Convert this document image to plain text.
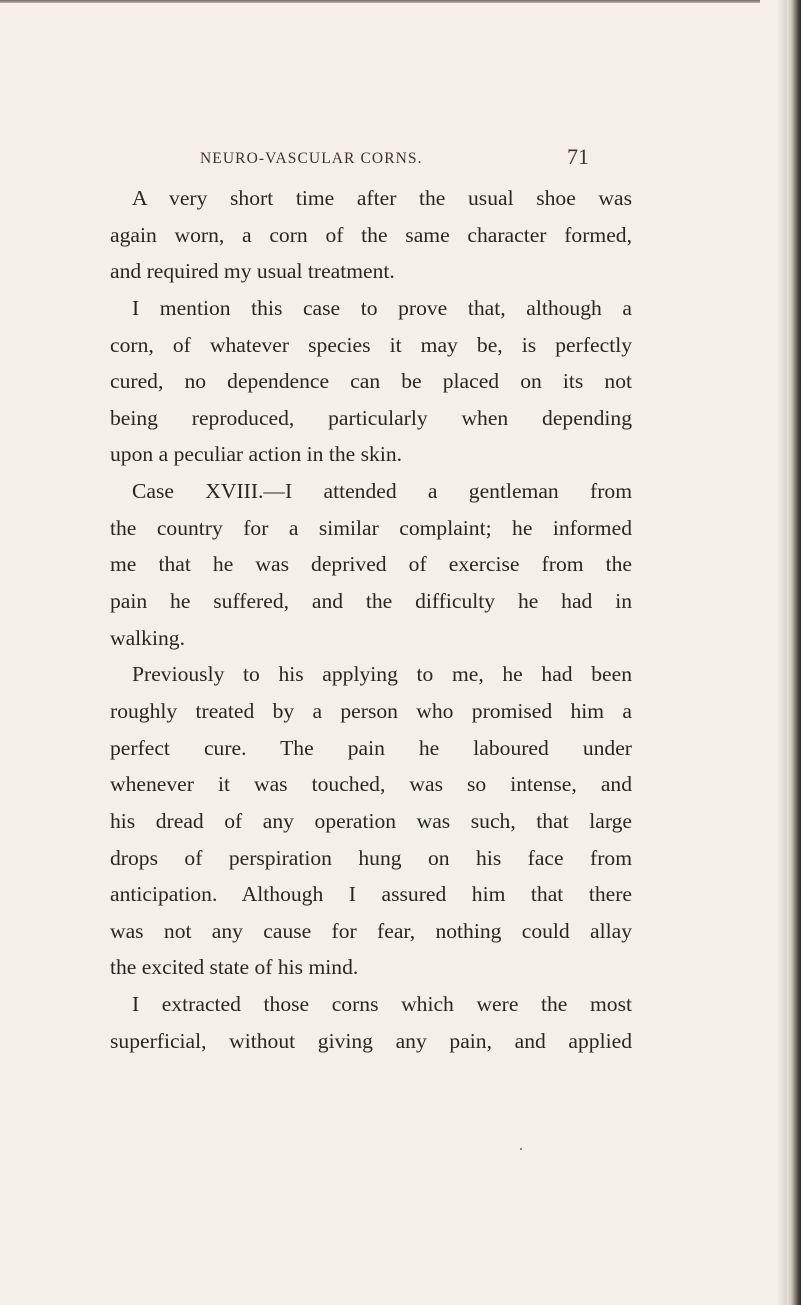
NEURO-VASCULAR CORNS.	71
A very short time after the usual shoe was
again worn, a corn of the same character formed,
and required my usual treatment.
I mention this case to prove that, although a
corn, of whatever species it may be, is perfectly
cured, no dependence can be placed on its not
being reproduced, particularly when depending
upon a peculiar action in the skin.
Case XVIII.—I attended a gentleman from
the country for a similar complaint; he informed
me that he was deprived of exercise from the
pain he suffered, and the difficulty he had in
walking.
Previously to his applying to me, he had been
roughly treated by a person who promised him a
perfect cure. The pain he laboured under
whenever it was touched, was so intense, and
his dread of any operation was such, that large
drops of perspiration hung on his face from
anticipation. Although I assured him that there
was not any cause for fear, nothing could allay
the excited state of his mind.
I extracted those corns which were the most
superficial, without giving any pain, and applied
